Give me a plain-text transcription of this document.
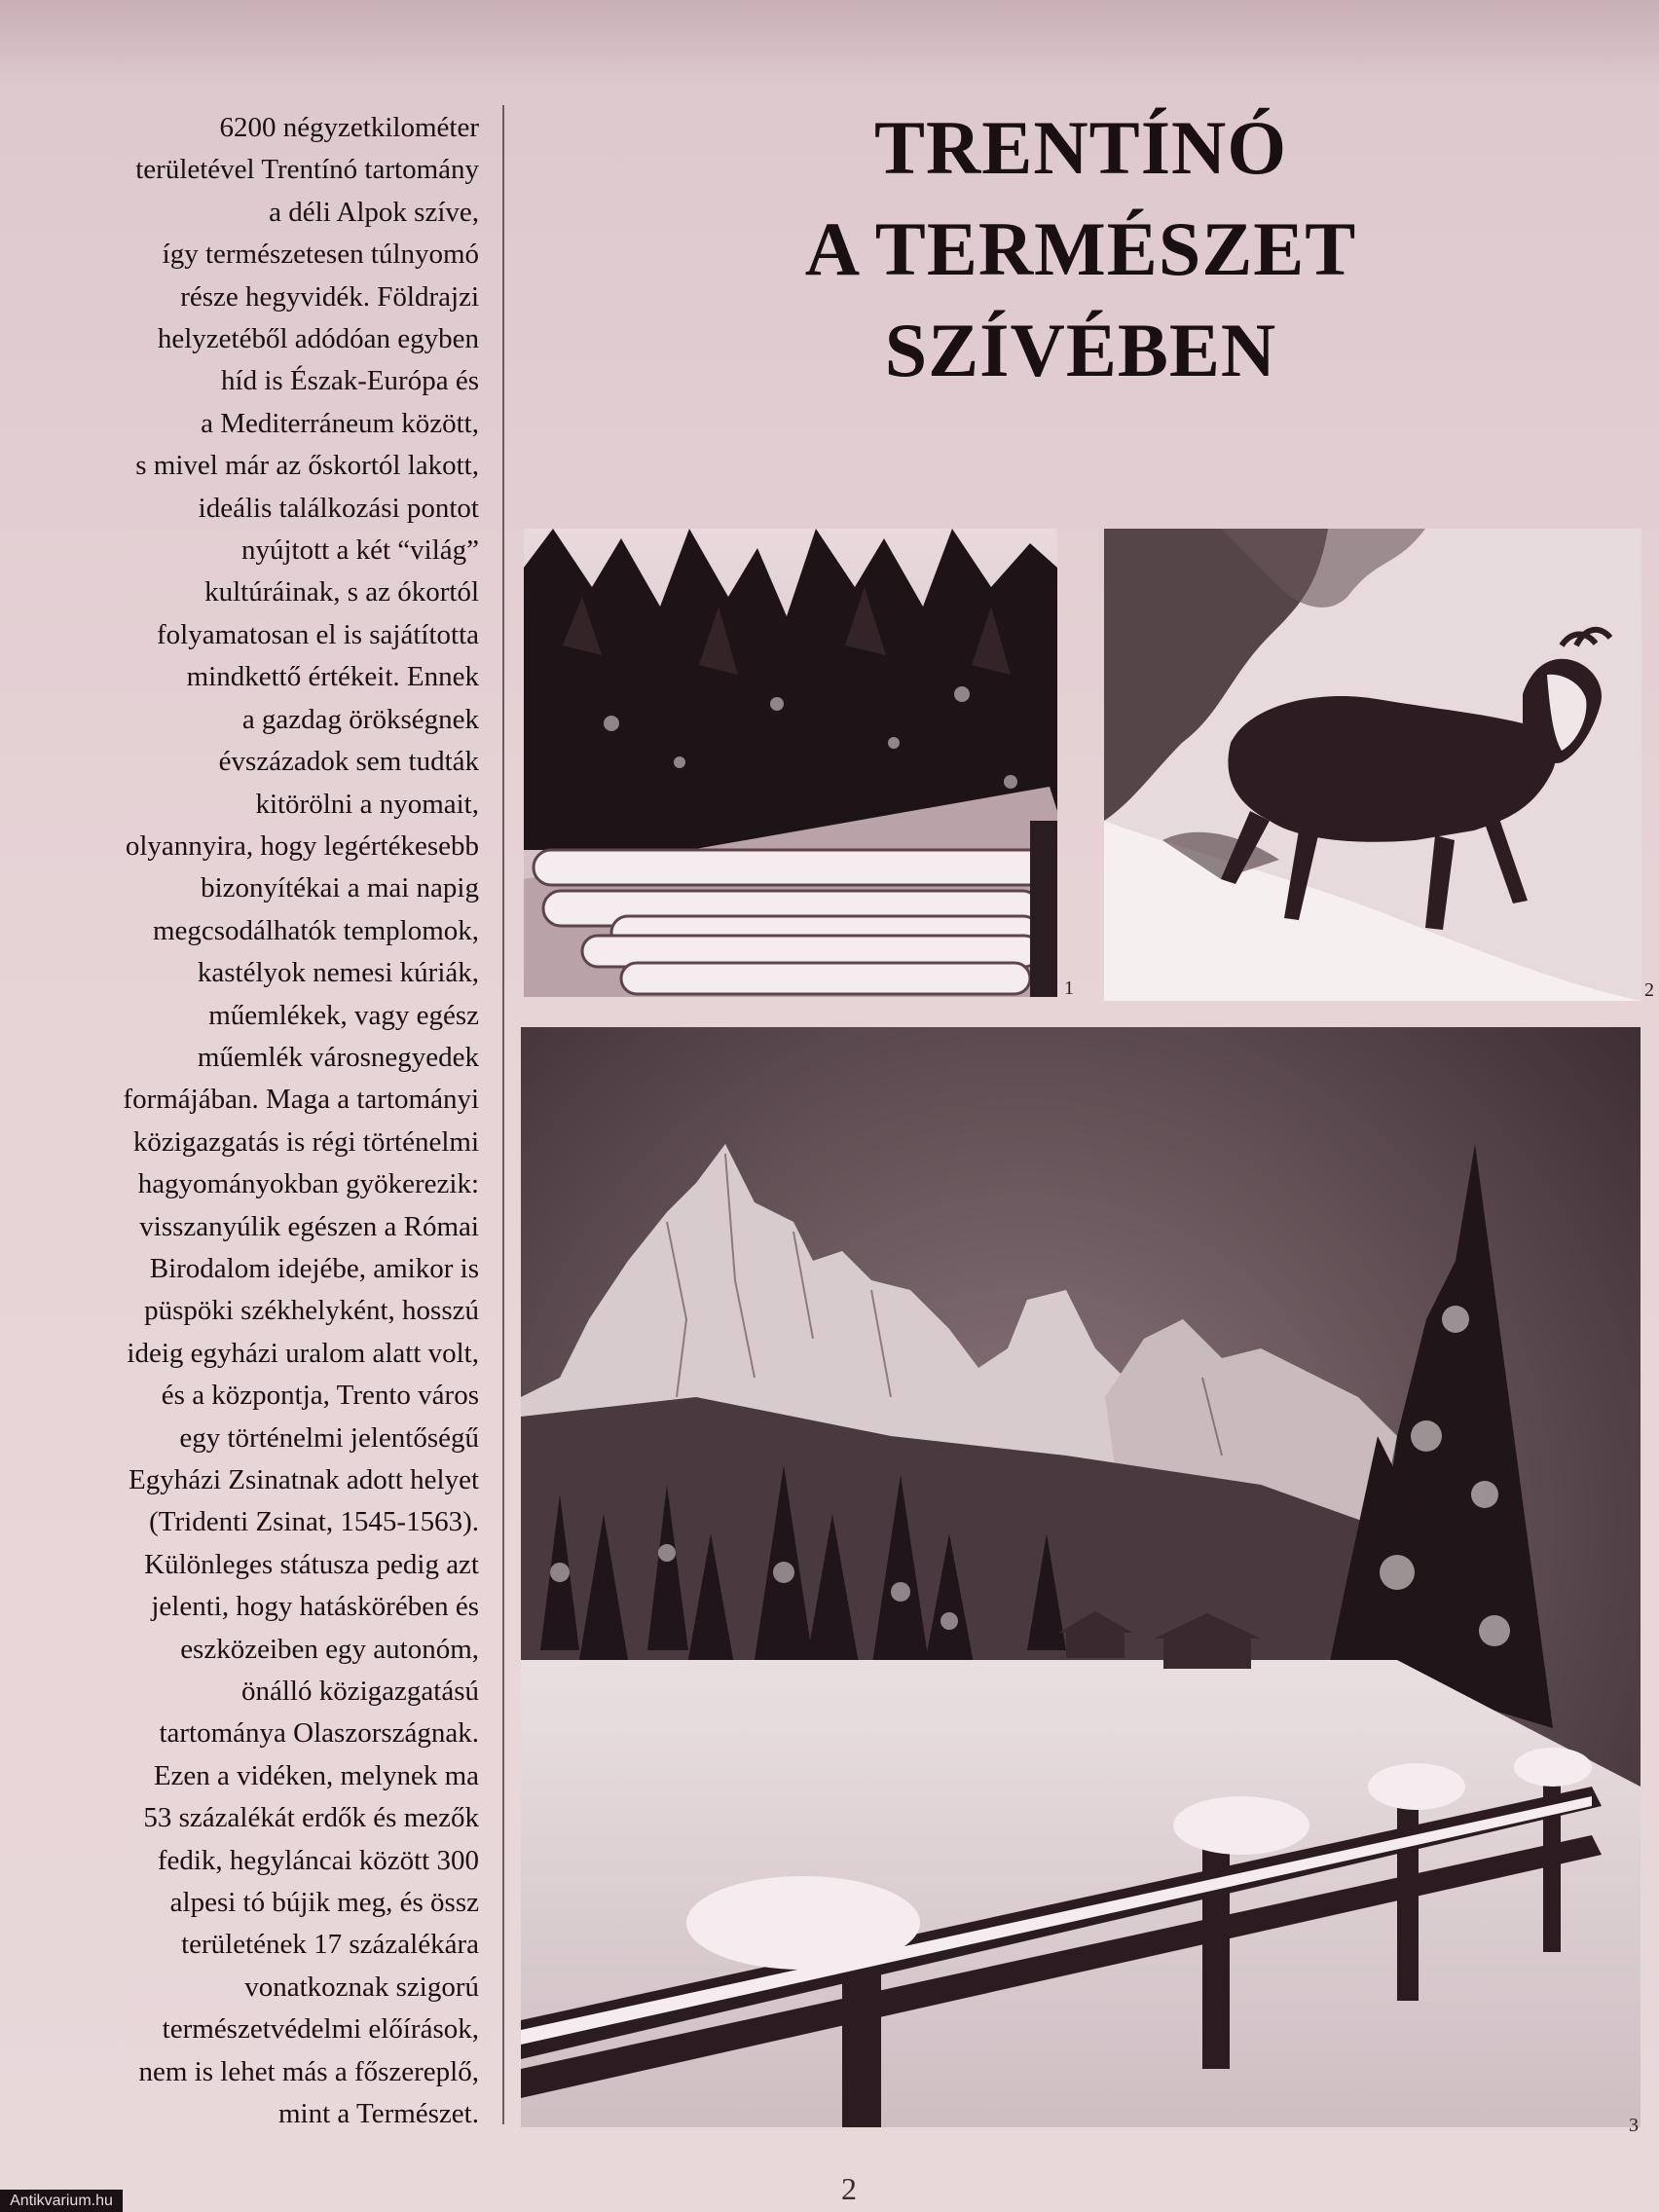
6200 négyzetkilométer

területével Trentínó tartomány

a déli Alpok szíve,

így természetesen túlnyomó

része hegyvidék. Földrajzi

helyzetéből adódóan egyben

híd is Észak-Európa és

a Mediterráneum között,

s mivel már az őskortól lakott,

ideális találkozási pontot

nyújtott a két “világ”

kultúráinak, s az ókortól

folyamatosan el is sajátította

mindkettő értékeit. Ennek

a gazdag örökségnek

évszázadok sem tudták

kitörölni a nyomait,

olyannyira, hogy legértékesebb

bizonyítékai a mai napig

megcsodálhatók templomok,

kastélyok nemesi kúriák,

műemlékek, vagy egész

műemlék városnegyedek

formájában. Maga a tartományi

közigazgatás is régi történelmi

hagyományokban gyökerezik:

visszanyúlik egészen a Római

Birodalom idejébe, amikor is

püspöki székhelyként, hosszú

ideig egyházi uralom alatt volt,

és a központja, Trento város

egy történelmi jelentőségű

Egyházi Zsinatnak adott helyet

(Tridenti Zsinat, 1545-1563).

Különleges státusza pedig azt

jelenti, hogy hatáskörében és

eszközeiben egy autonóm,

önálló közigazgatású

tartománya Olaszországnak.

Ezen a vidéken, melynek ma

53 százalékát erdők és mezők

fedik, hegyláncai között 300

alpesi tó bújik meg, és össz

területének 17 százalékára

vonatkoznak szigorú

természetvédelmi előírások,

nem is lehet más a főszereplő,

mint a Természet.

TRENTÍNÓ
A TERMÉSZET
SZÍVÉBEN
1	2
3
2
Antikvarium.hu
